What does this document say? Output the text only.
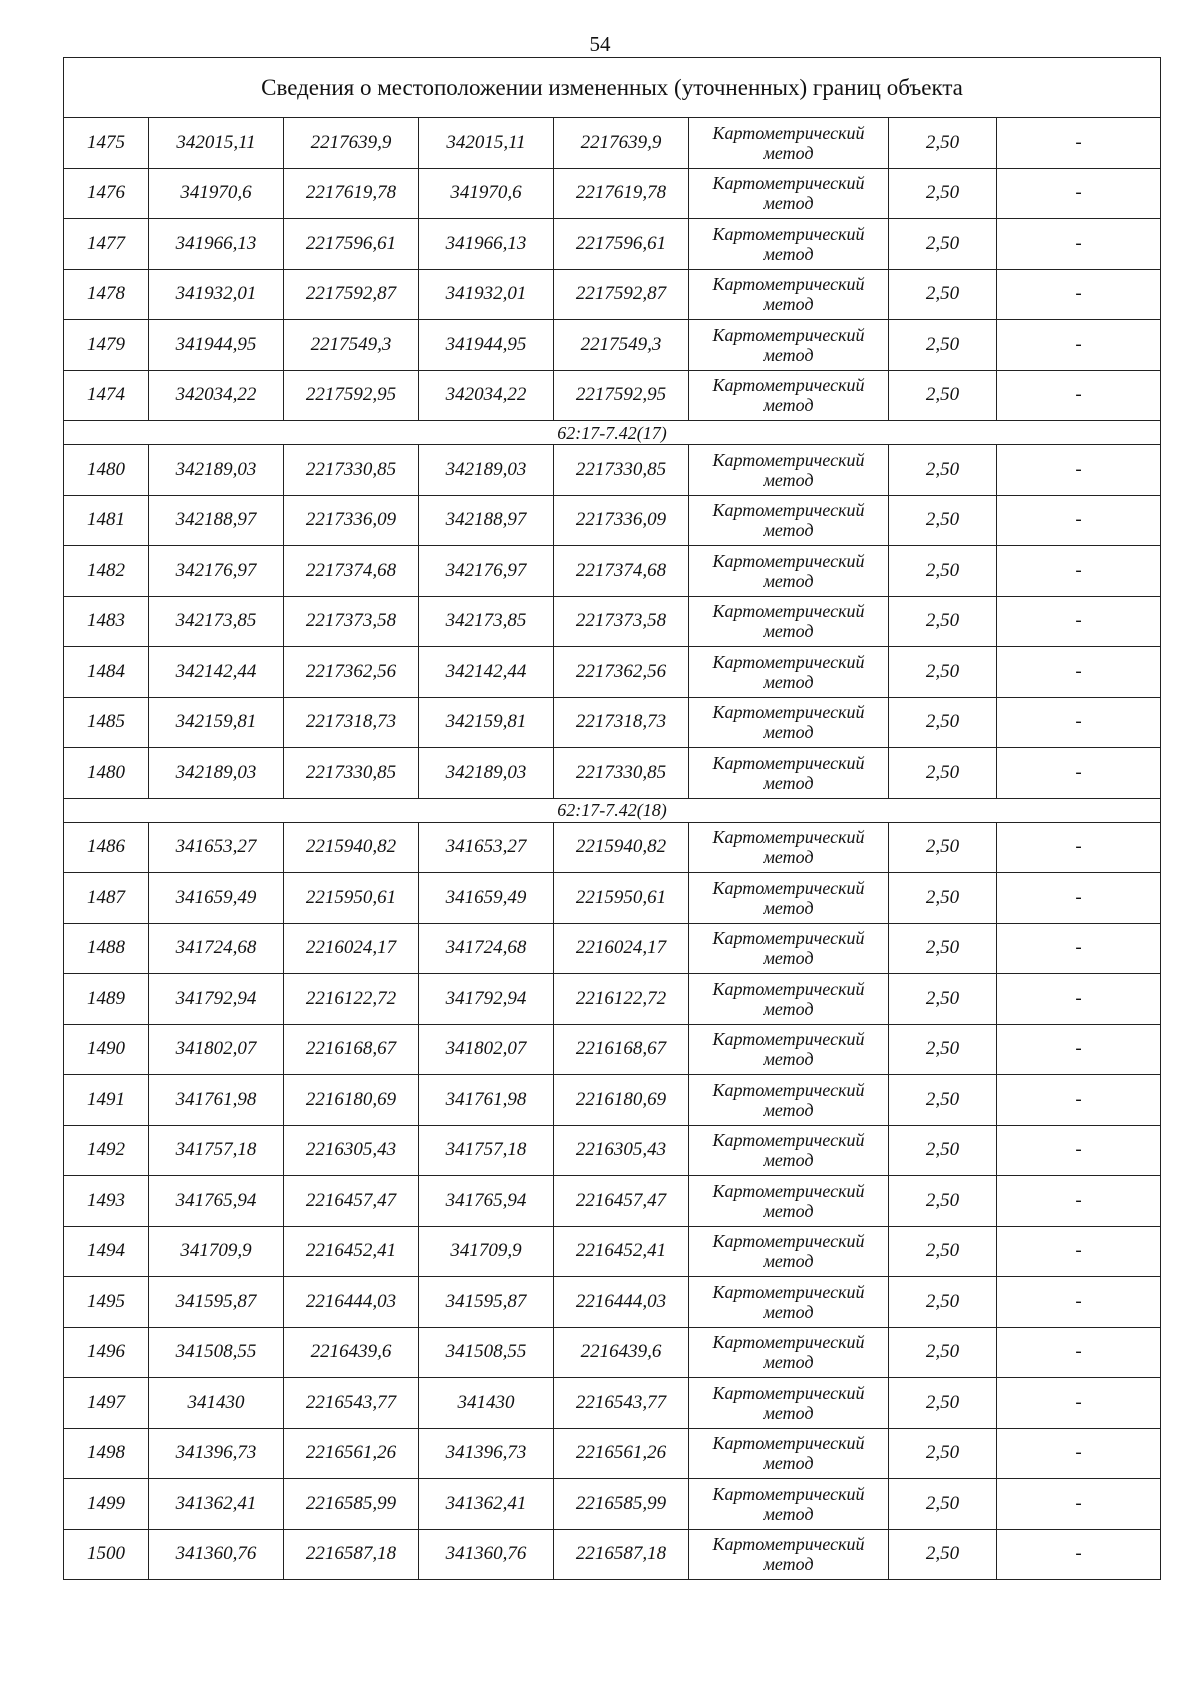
54
Сведения о местоположении измененных (уточненных) границ объекта							
1475	342015,11	2217639,9	342015,11	2217639,9	Картометрический метод	2,50	-
1476	341970,6	2217619,78	341970,6	2217619,78	Картометрический метод	2,50	-
1477	341966,13	2217596,61	341966,13	2217596,61	Картометрический метод	2,50	-
1478	341932,01	2217592,87	341932,01	2217592,87	Картометрический метод	2,50	-
1479	341944,95	2217549,3	341944,95	2217549,3	Картометрический метод	2,50	-
1474	342034,22	2217592,95	342034,22	2217592,95	Картометрический метод	2,50	-
62:17-7.42(17)							
1480	342189,03	2217330,85	342189,03	2217330,85	Картометрический метод	2,50	-
1481	342188,97	2217336,09	342188,97	2217336,09	Картометрический метод	2,50	-
1482	342176,97	2217374,68	342176,97	2217374,68	Картометрический метод	2,50	-
1483	342173,85	2217373,58	342173,85	2217373,58	Картометрический метод	2,50	-
1484	342142,44	2217362,56	342142,44	2217362,56	Картометрический метод	2,50	-
1485	342159,81	2217318,73	342159,81	2217318,73	Картометрический метод	2,50	-
1480	342189,03	2217330,85	342189,03	2217330,85	Картометрический метод	2,50	-
62:17-7.42(18)							
1486	341653,27	2215940,82	341653,27	2215940,82	Картометрический метод	2,50	-
1487	341659,49	2215950,61	341659,49	2215950,61	Картометрический метод	2,50	-
1488	341724,68	2216024,17	341724,68	2216024,17	Картометрический метод	2,50	-
1489	341792,94	2216122,72	341792,94	2216122,72	Картометрический метод	2,50	-
1490	341802,07	2216168,67	341802,07	2216168,67	Картометрический метод	2,50	-
1491	341761,98	2216180,69	341761,98	2216180,69	Картометрический метод	2,50	-
1492	341757,18	2216305,43	341757,18	2216305,43	Картометрический метод	2,50	-
1493	341765,94	2216457,47	341765,94	2216457,47	Картометрический метод	2,50	-
1494	341709,9	2216452,41	341709,9	2216452,41	Картометрический метод	2,50	-
1495	341595,87	2216444,03	341595,87	2216444,03	Картометрический метод	2,50	-
1496	341508,55	2216439,6	341508,55	2216439,6	Картометрический метод	2,50	-
1497	341430	2216543,77	341430	2216543,77	Картометрический метод	2,50	-
1498	341396,73	2216561,26	341396,73	2216561,26	Картометрический метод	2,50	-
1499	341362,41	2216585,99	341362,41	2216585,99	Картометрический метод	2,50	-
1500	341360,76	2216587,18	341360,76	2216587,18	Картометрический метод	2,50	-
